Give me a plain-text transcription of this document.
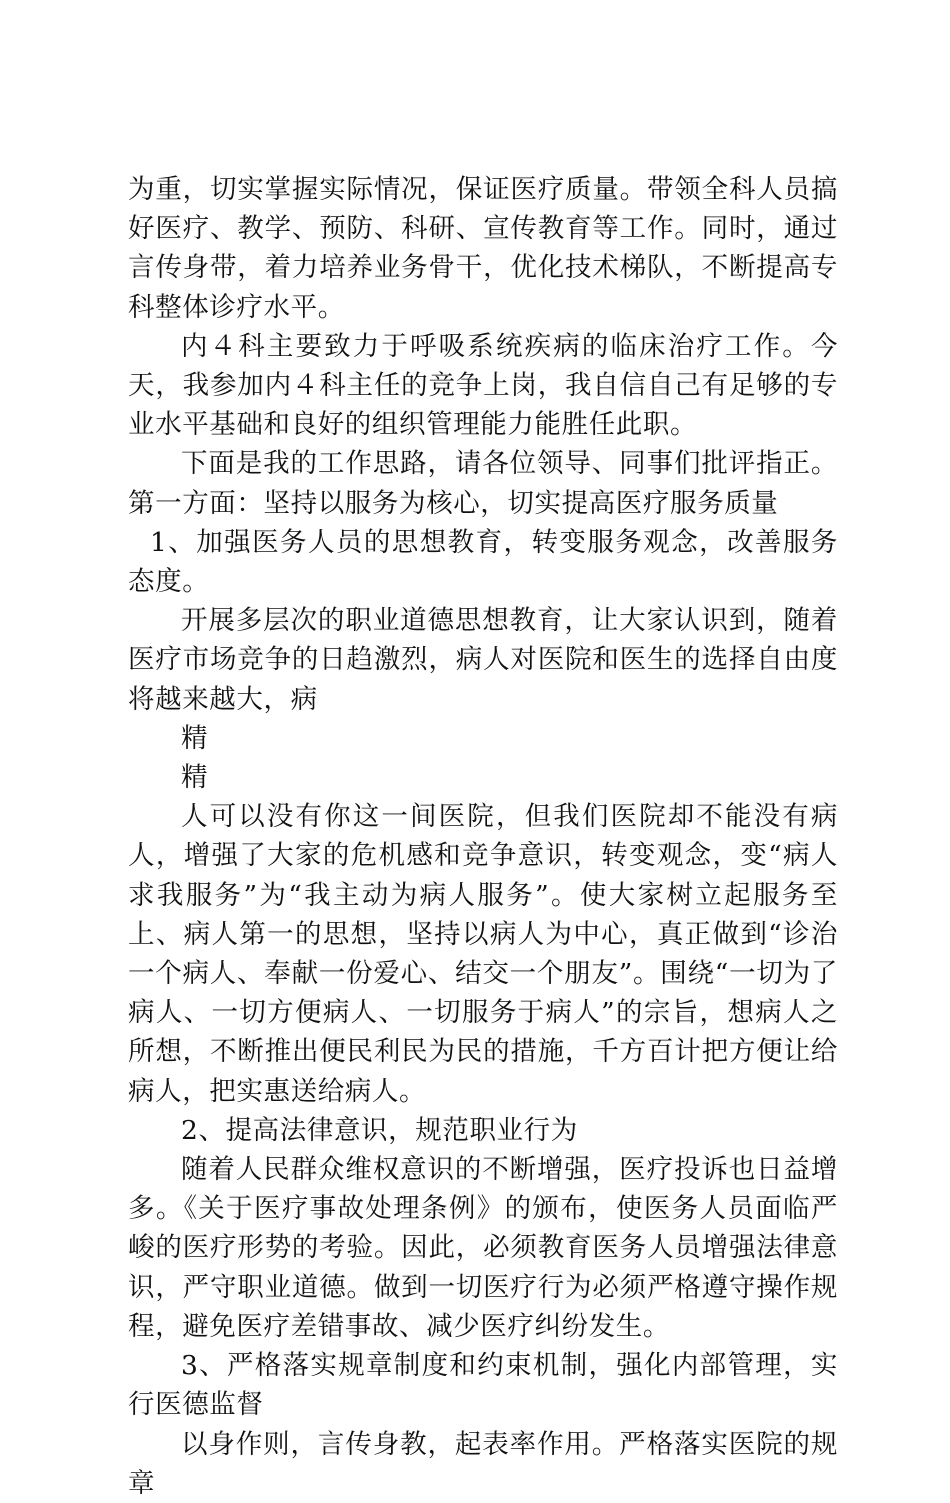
为重，切实掌握实际情况，保证医疗质量。带领全科人员搞好医疗、教学、预防、科研、宣传教育等工作。同时，通过言传身带，着力培养业务骨干，优化技术梯队，不断提高专科整体诊疗水平。

内４科主要致力于呼吸系统疾病的临床治疗工作。今天，我参加内４科主任的竞争上岗，我自信自己有足够的专业水平基础和良好的组织管理能力能胜任此职。

下面是我的工作思路，请各位领导、同事们批评指正。第一方面：坚持以服务为核心，切实提高医疗服务质量

1、加强医务人员的思想教育，转变服务观念，改善服务态度。

开展多层次的职业道德思想教育，让大家认识到，随着医疗市场竞争的日趋激烈，病人对医院和医生的选择自由度将越来越大，病

精

精

人可以没有你这一间医院，但我们医院却不能没有病人，增强了大家的危机感和竞争意识，转变观念，变“病人求我服务”为“我主动为病人服务”。使大家树立起服务至上、病人第一的思想，坚持以病人为中心，真正做到“诊治一个病人、奉献一份爱心、结交一个朋友”。围绕“一切为了病人、一切方便病人、一切服务于病人”的宗旨，想病人之所想，不断推出便民利民为民的措施，千方百计把方便让给病人，把实惠送给病人。

2、提高法律意识，规范职业行为

随着人民群众维权意识的不断增强，医疗投诉也日益增多。《关于医疗事故处理条例》的颁布，使医务人员面临严峻的医疗形势的考验。因此，必须教育医务人员增强法律意识，严守职业道德。做到一切医疗行为必须严格遵守操作规程，避免医疗差错事故、减少医疗纠纷发生。

3、严格落实规章制度和约束机制，强化内部管理，实行医德监督

以身作则，言传身教，起表率作用。严格落实医院的规章
